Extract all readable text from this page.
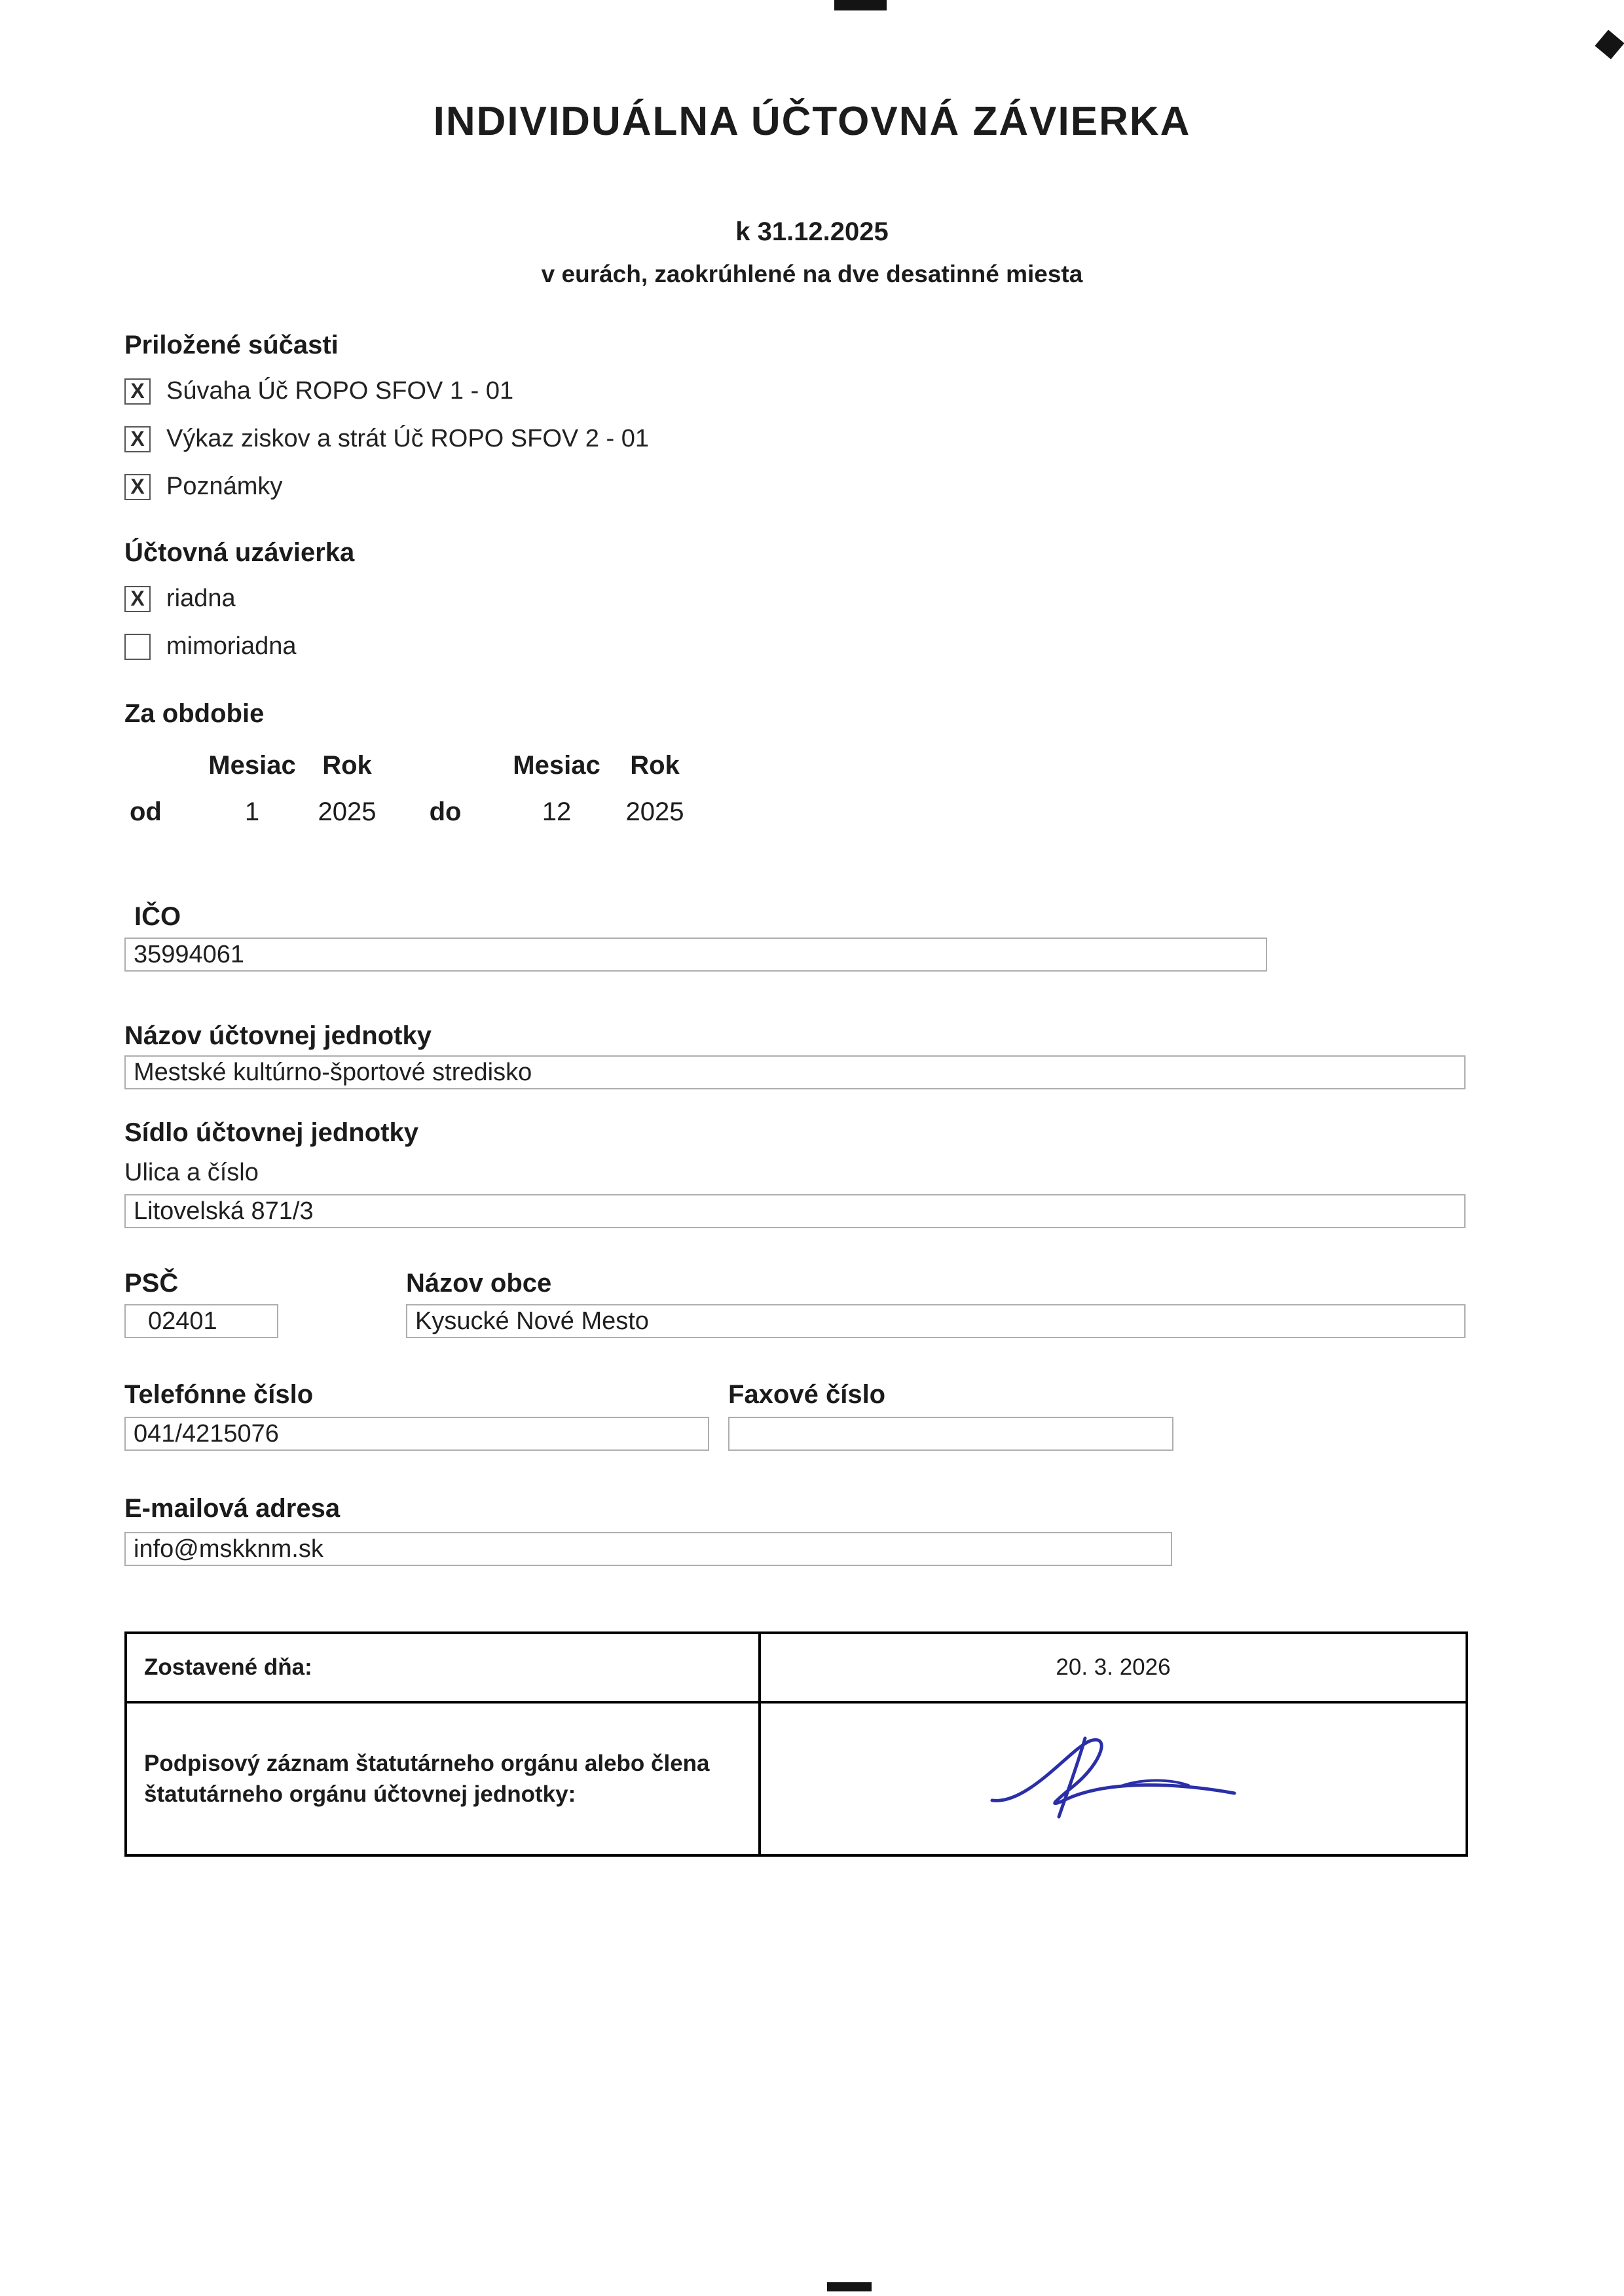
INDIVIDUÁLNA ÚČTOVNÁ ZÁVIERKA
k 31.12.2025
v eurách, zaokrúhlené na dve desatinné miesta
Priložené súčasti
X Súvaha Úč ROPO SFOV 1 - 01
X Výkaz ziskov a strát Úč ROPO SFOV 2 - 01
X Poznámky
Účtovná uzávierka
X riadna
mimoriadna
Za obdobie
Mesiac	Rok	Mesiac	Rok
od	1	2025	do	12	2025
IČO
35994061
Názov účtovnej jednotky
Mestské kultúrno-športové stredisko
Sídlo účtovnej jednotky
Ulica a číslo
Litovelská 871/3
PSČ	Názov obce
02401	Kysucké Nové Mesto
Telefónne číslo	Faxové číslo
041/4215076
E-mailová adresa
info@mskknm.sk
Zostavené dňa:	20. 3. 2026
Podpisový záznam štatutárneho orgánu alebo člena štatutárneho orgánu účtovnej jednotky:
